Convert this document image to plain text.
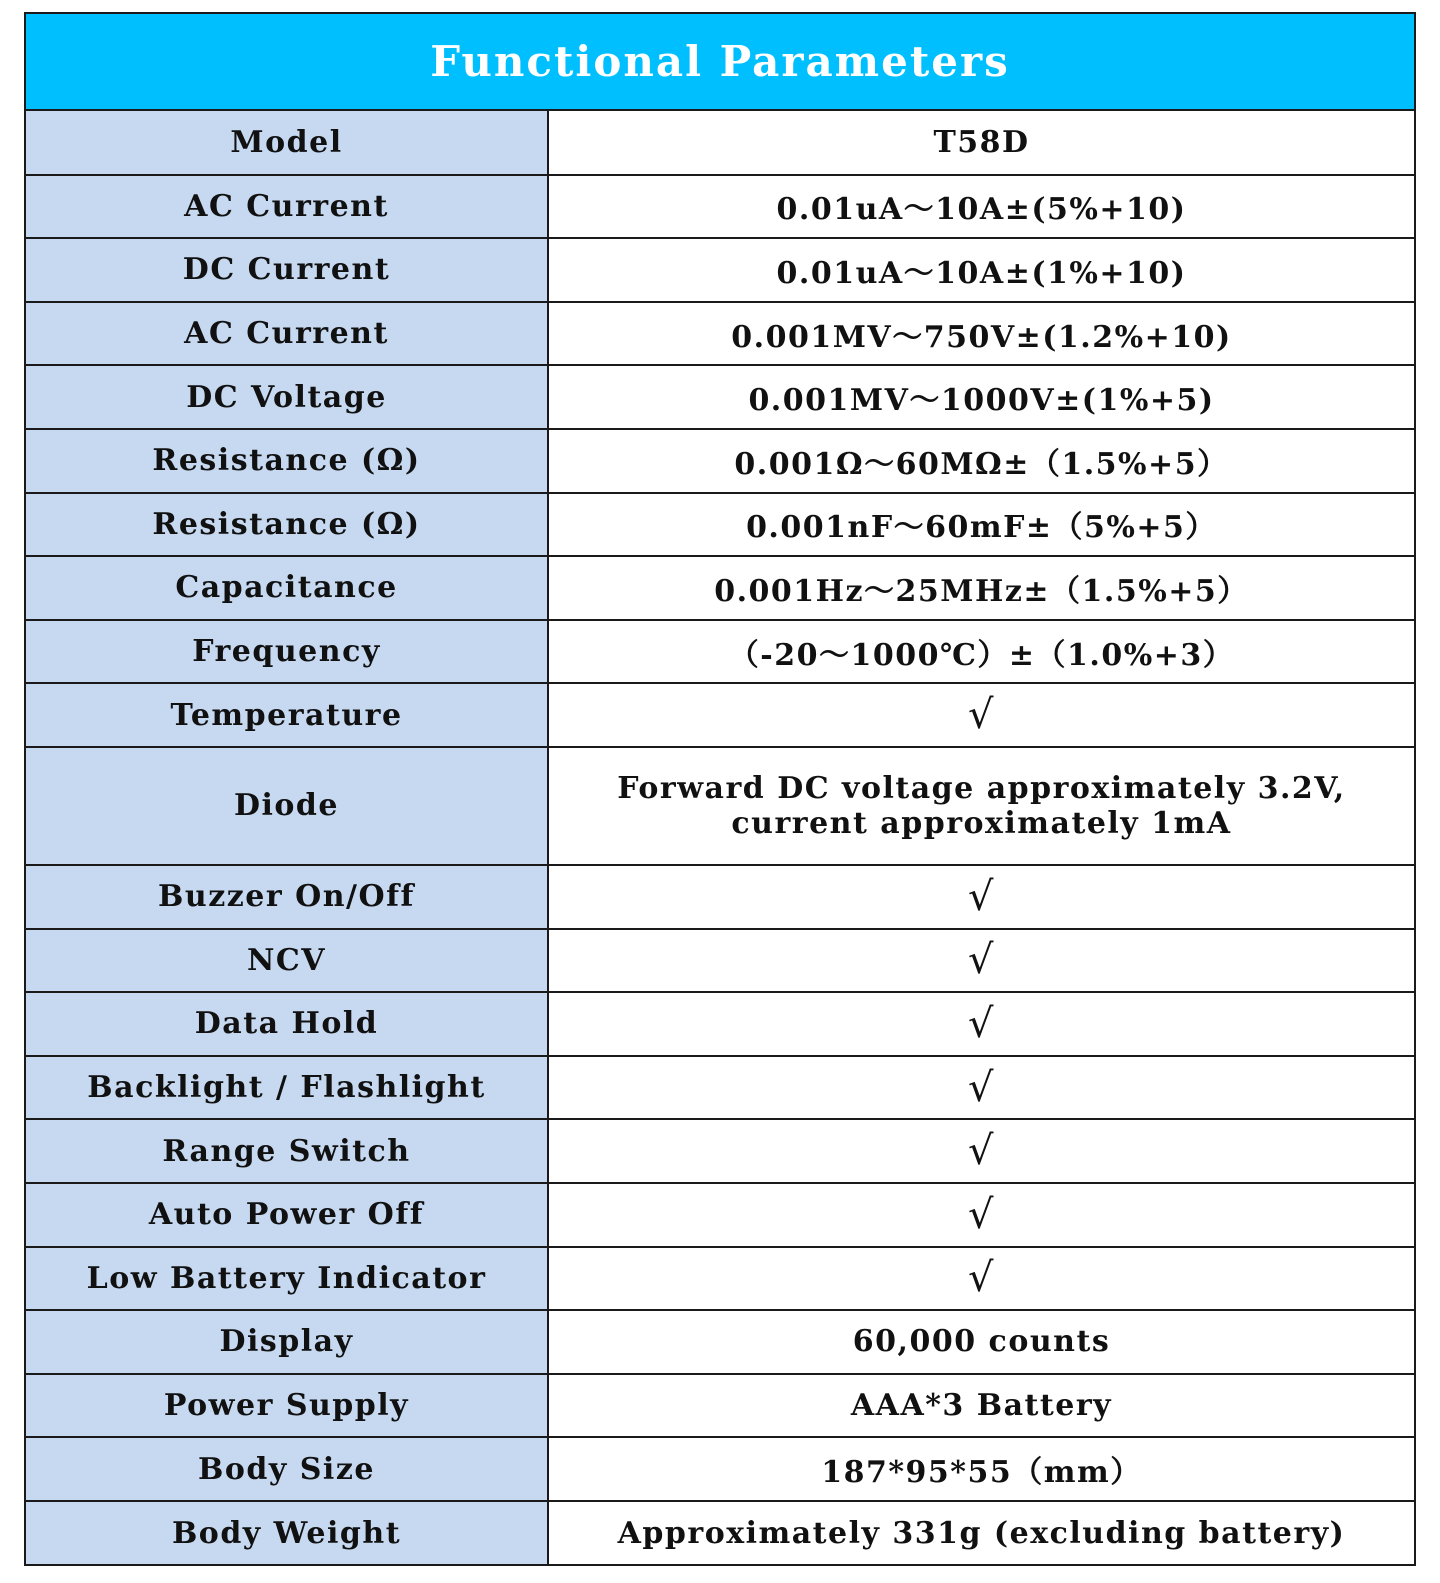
Functional Parameters
Model	T58D
AC Current	0.01uA～10A±(5%+10)
DC Current	0.01uA～10A±(1%+10)
AC Current	0.001MV～750V±(1.2%+10)
DC Voltage	0.001MV～1000V±(1%+5)
Resistance (Ω)	0.001Ω～60MΩ±（1.5%+5）
Resistance (Ω)	0.001nF～60mF±（5%+5）
Capacitance	0.001Hz～25MHz±（1.5%+5）
Frequency	（-20～1000℃）±（1.0%+3）
Temperature	√
Diode	Forward DC voltage approximately 3.2V, current approximately 1mA
Buzzer On/Off	√
NCV	√
Data Hold	√
Backlight / Flashlight	√
Range Switch	√
Auto Power Off	√
Low Battery Indicator	√
Display	60,000 counts
Power Supply	AAA*3 Battery
Body Size	187*95*55（mm）
Body Weight	Approximately 331g (excluding battery)
